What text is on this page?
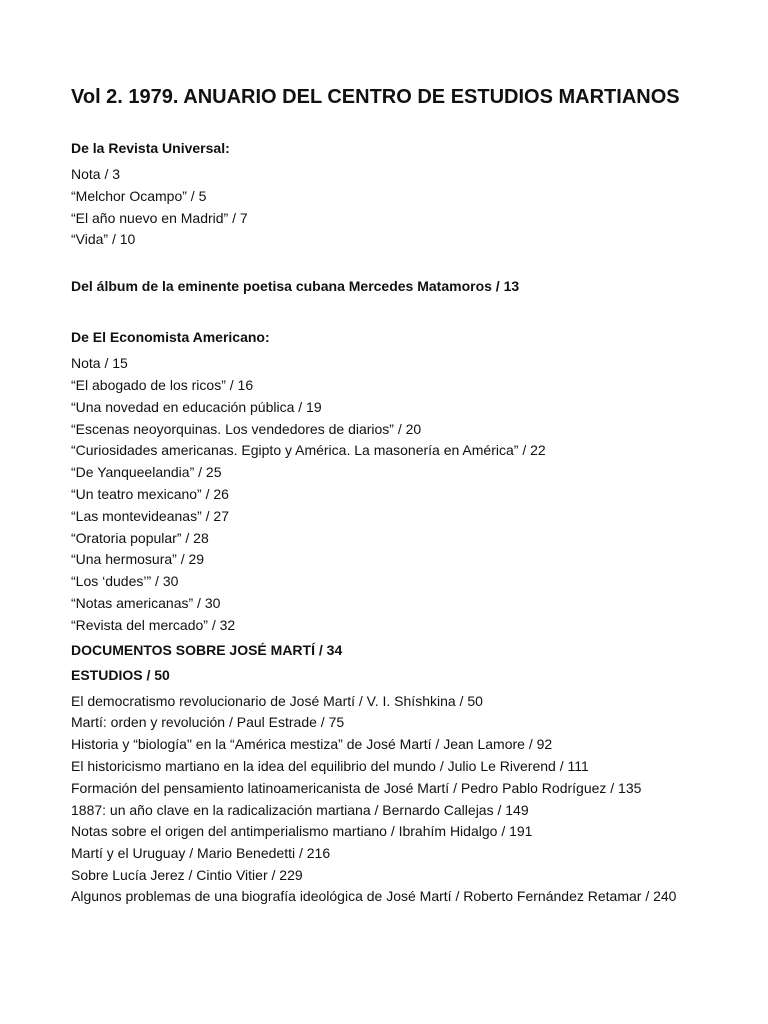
Vol 2. 1979. ANUARIO DEL CENTRO DE ESTUDIOS MARTIANOS

De la Revista Universal:

Nota / 3

“Melchor Ocampo” / 5

“El año nuevo en Madrid” / 7

“Vida” / 10

Del álbum de la eminente poetisa cubana Mercedes Matamoros / 13

De El Economista Americano:

Nota / 15

“El abogado de los ricos” / 16

“Una novedad en educación pública / 19

“Escenas neoyorquinas. Los vendedores de diarios” / 20

“Curiosidades americanas. Egipto y América. La masonería en América” / 22

“De Yanqueelandia” / 25

“Un teatro mexicano” / 26

“Las montevideanas” / 27

“Oratoria popular” / 28

“Una hermosura” / 29

“Los ‘dudes’” / 30

“Notas americanas” / 30

“Revista del mercado” / 32

DOCUMENTOS SOBRE JOSÉ MARTÍ / 34

ESTUDIOS / 50

El democratismo revolucionario de José Martí / V. I. Shíshkina / 50

Martí: orden y revolución / Paul Estrade / 75

Historia y “biología" en la “América mestiza” de José Martí / Jean Lamore / 92

El historicismo martiano en la idea del equilibrio del mundo / Julio Le Riverend / 111

Formación del pensamiento latinoamericanista de José Martí / Pedro Pablo Rodríguez / 135

1887: un año clave en la radicalización martiana / Bernardo Callejas / 149

Notas sobre el origen del antimperialismo martiano / Ibrahím Hidalgo / 191

Martí y el Uruguay / Mario Benedetti / 216

Sobre Lucía Jerez / Cintio Vitier / 229

Algunos problemas de una biografía ideológica de José Martí / Roberto Fernández Retamar / 240
